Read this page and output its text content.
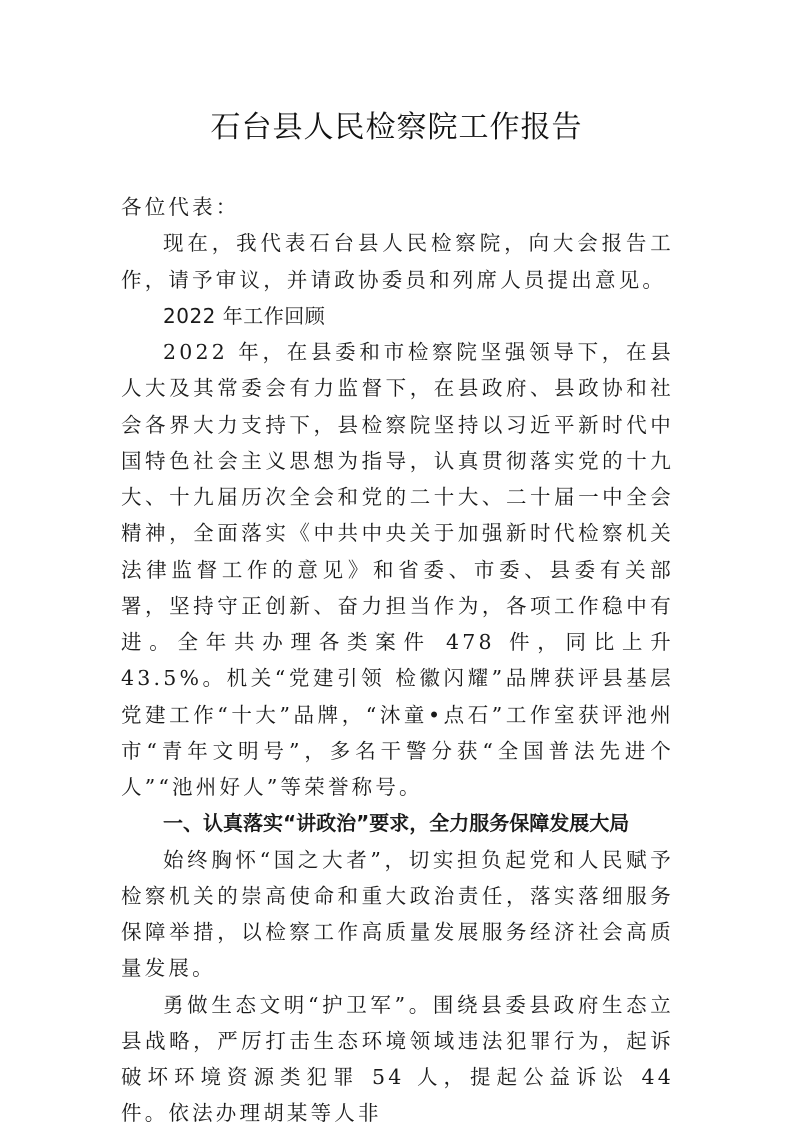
石台县人民检察院工作报告

各位代表：

现在，我代表石台县人民检察院，向大会报告工作，请予审议，并请政协委员和列席人员提出意见。

2022 年工作回顾

2022 年，在县委和市检察院坚强领导下，在县人大及其常委会有力监督下，在县政府、县政协和社会各界大力支持下，县检察院坚持以习近平新时代中国特色社会主义思想为指导，认真贯彻落实党的十九大、十九届历次全会和党的二十大、二十届一中全会精神，全面落实《中共中央关于加强新时代检察机关法律监督工作的意见》和省委、市委、县委有关部署，坚持守正创新、奋力担当作为，各项工作稳中有进。全年共办理各类案件 478 件，同比上升 43.5%。机关“党建引领 检徽闪耀”品牌获评县基层党建工作“十大”品牌，“沐童•点石”工作室获评池州市“青年文明号”，多名干警分获“全国普法先进个人”“池州好人”等荣誉称号。

一、认真落实“讲政治”要求，全力服务保障发展大局

始终胸怀“国之大者”，切实担负起党和人民赋予检察机关的崇高使命和重大政治责任，落实落细服务保障举措，以检察工作高质量发展服务经济社会高质量发展。

勇做生态文明“护卫军”。围绕县委县政府生态立县战略，严厉打击生态环境领域违法犯罪行为，起诉破坏环境资源类犯罪 54 人，提起公益诉讼 44 件。依法办理胡某等人非
